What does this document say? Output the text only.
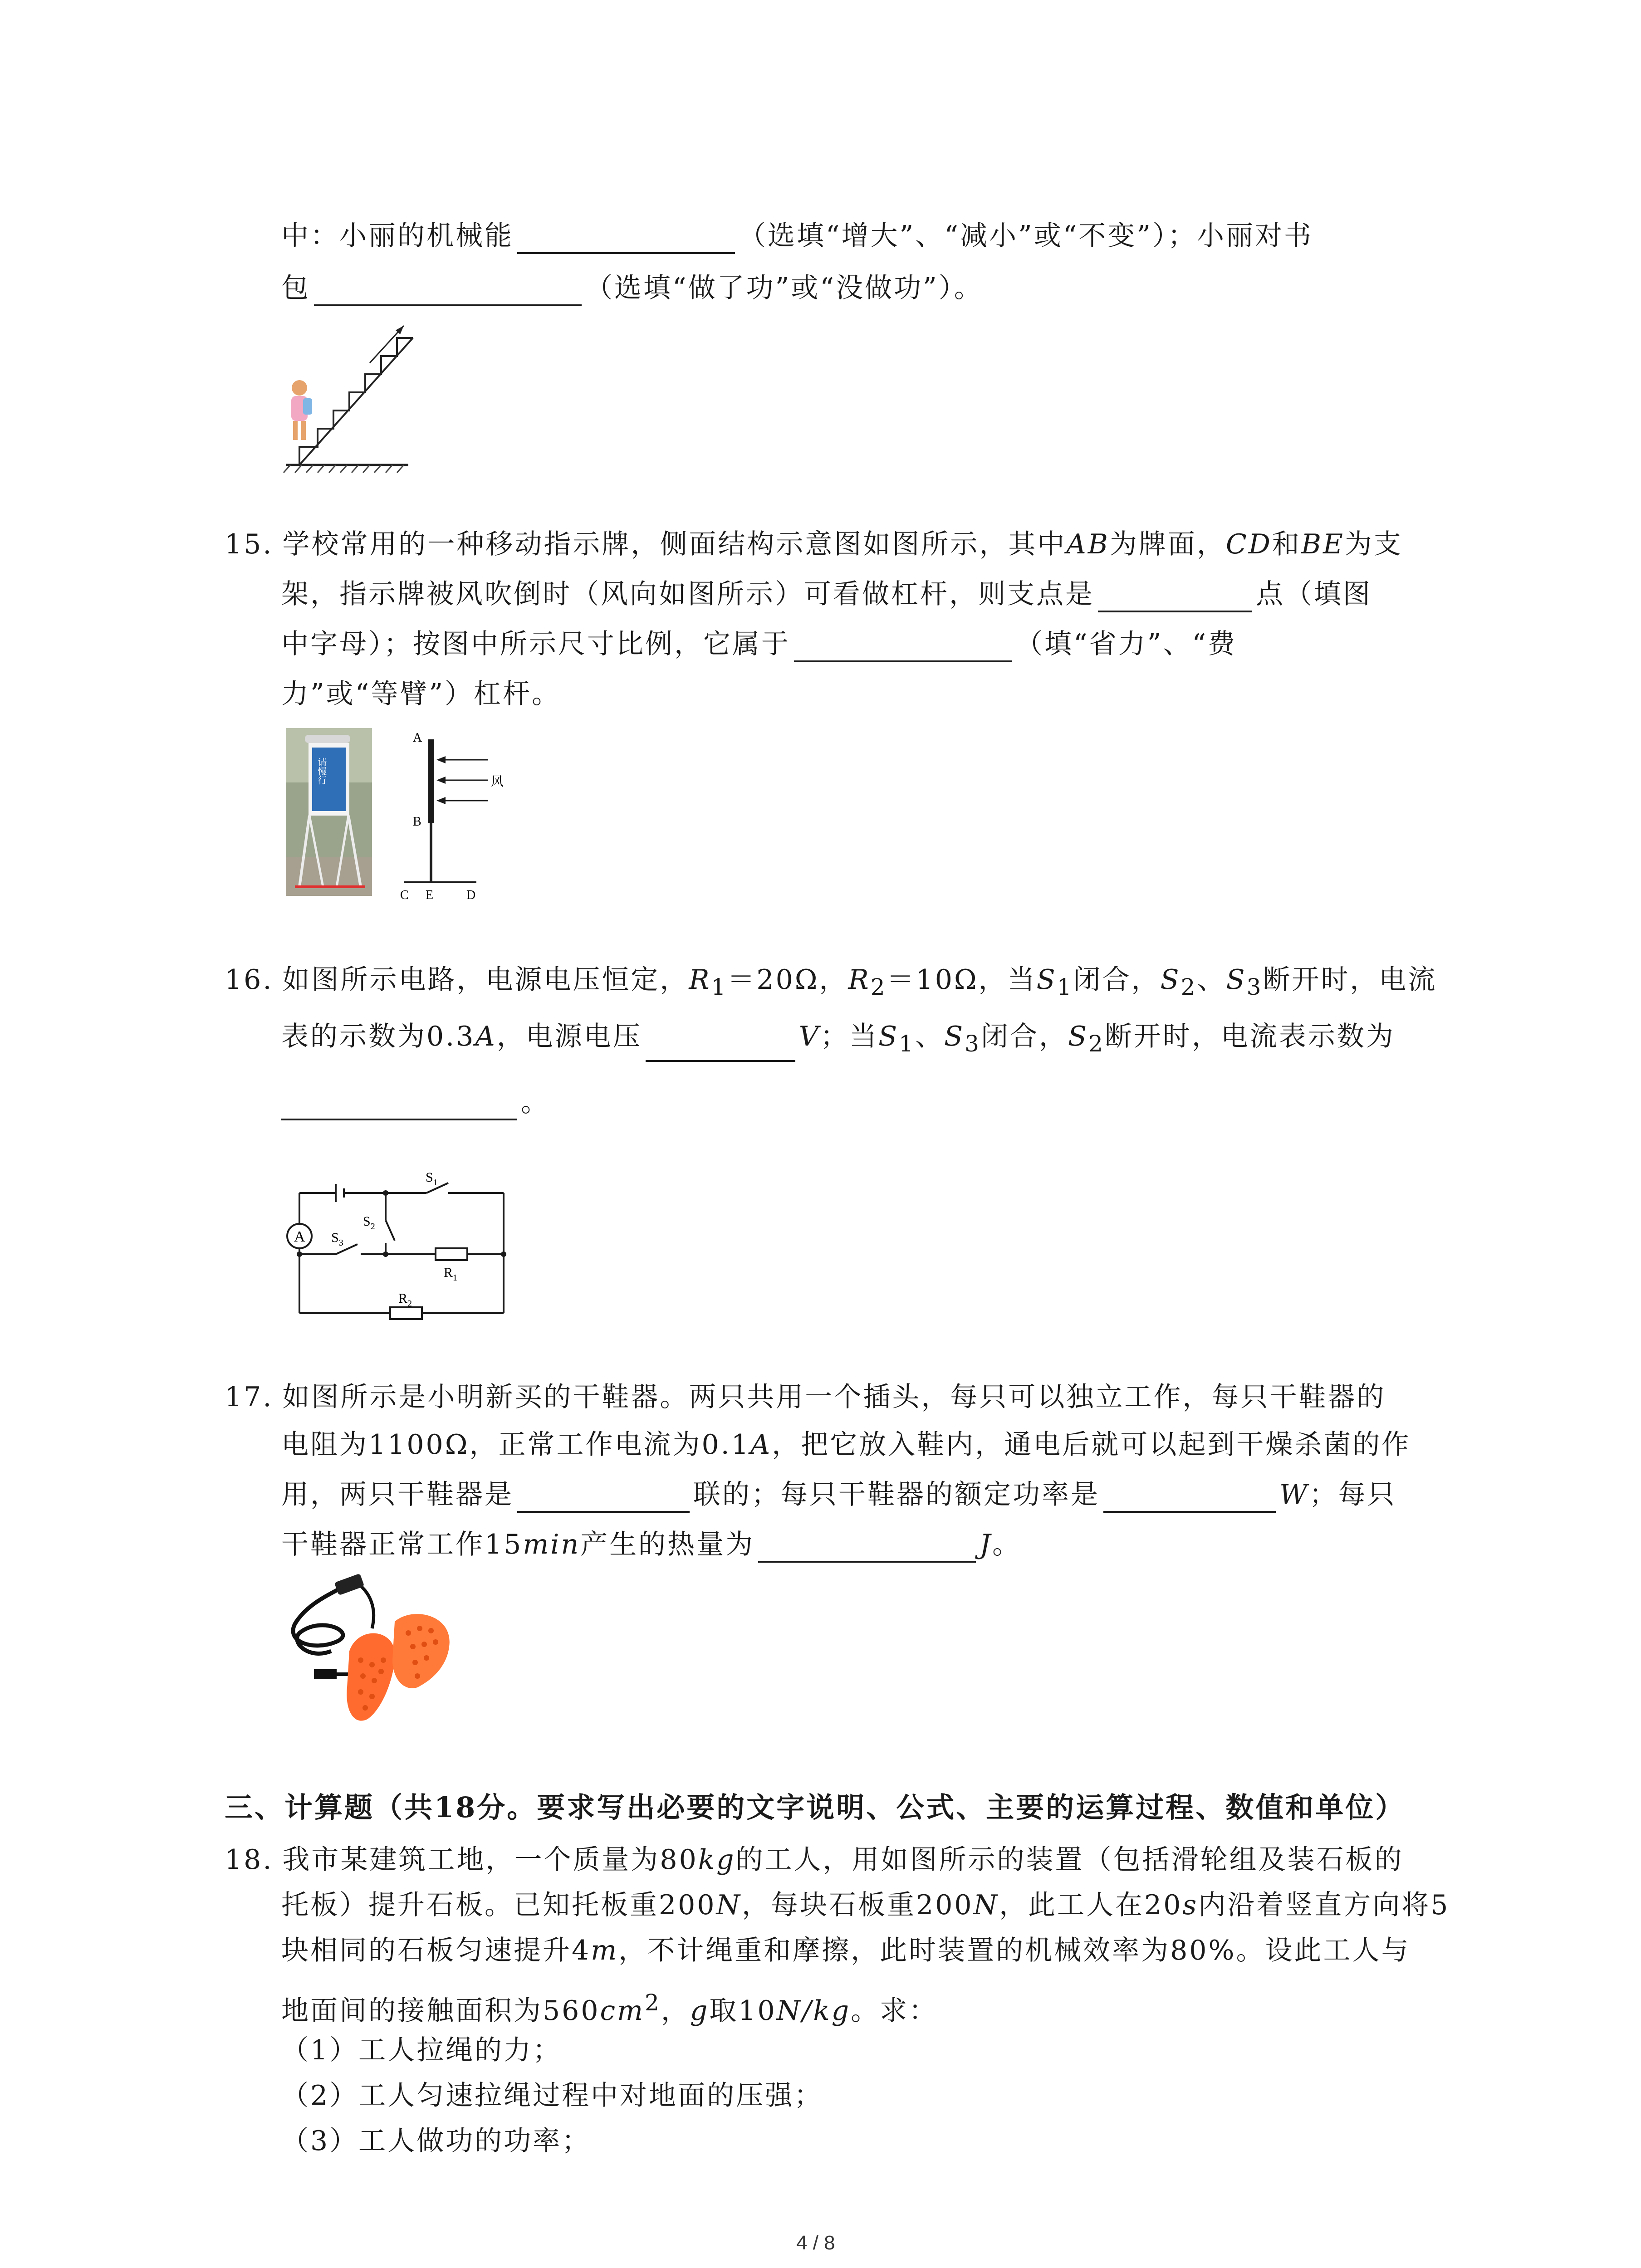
中：小丽的机械能	（选填“增大”、“减小”或“不变”）；小丽对书
包	（选填“做了功”或“没做功”）。
15. 学校常用的一种移动指示牌，侧面结构示意图如图所示，其中AB为牌面，CD和BE为支
架，指示牌被风吹倒时（风向如图所示）可看做杠杆，则支点是	点（填图
中字母）；按图中所示尺寸比例，它属于	（填“省力”、“费
力”或“等臂”）杠杆。
请慢行
A
B
C E	D
风
16. 如图所示电路，电源电压恒定，$R_1=20\Omega$，$R_2=10\Omega$，当$S_1$闭合，$S_2$、$S_3$断开时，电流
表的示数为0.3A，电源电压	V；当$S_1$、$S_3$闭合，$S_2$断开时，电流表示数为
。
A
$S_1$
$S_2$
$S_3$
$R_1$
$R_2$
17. 如图所示是小明新买的干鞋器。两只共用一个插头，每只可以独立工作，每只干鞋器的
电阻为1100Ω，正常工作电流为0.1A，把它放入鞋内，通电后就可以起到干燥杀菌的作
用，两只干鞋器是	联的；每只干鞋器的额定功率是	W；每只
干鞋器正常工作15min产生的热量为	J。
三、计算题（共18分。要求写出必要的文字说明、公式、主要的运算过程、数值和单位）
18. 我市某建筑工地，一个质量为80kg的工人，用如图所示的装置（包括滑轮组及装石板的
托板）提升石板。已知托板重200N，每块石板重200N，此工人在20s内沿着竖直方向将5
块相同的石板匀速提升4m，不计绳重和摩擦，此时装置的机械效率为80%。设此工人与
地面间的接触面积为$560cm^2$，g取10N/kg。求：
（1）工人拉绳的力；
（2）工人匀速拉绳过程中对地面的压强；
（3）工人做功的功率；
4 / 8
